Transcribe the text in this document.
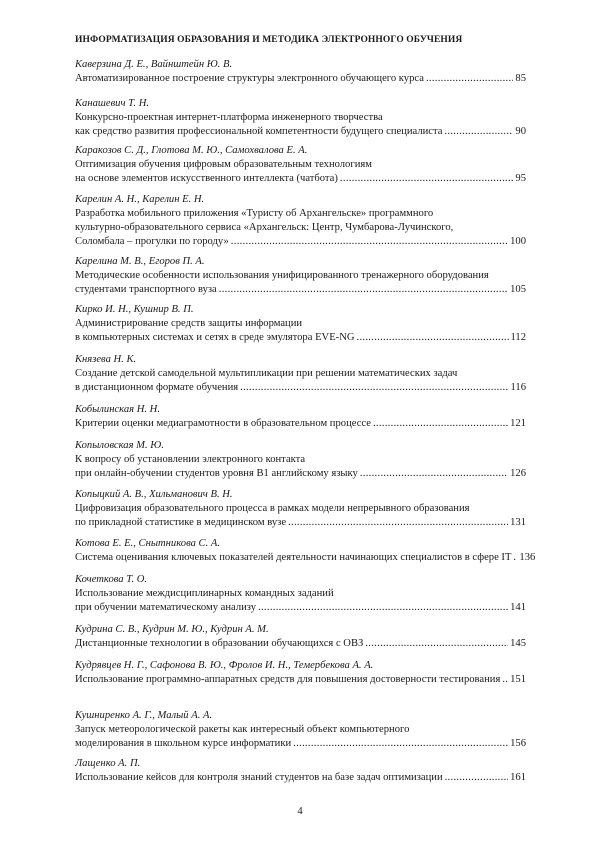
ИНФОРМАТИЗАЦИЯ ОБРАЗОВАНИЯ И МЕТОДИКА ЭЛЕКТРОННОГО ОБУЧЕНИЯ
Каверзина Д. Е., Вайнштейн Ю. В.
Автоматизированное построение структуры электронного обучающего курса .....	85
Канашевич Т. Н.
Конкурсно-проектная интернет-платформа инженерного творчества
как средство развития профессиональной компетентности будущего специалиста .....	90
Каракозов С. Д., Глотова М. Ю., Самохвалова Е. А.
Оптимизация обучения цифровым образовательным технологиям
на основе элементов искусственного интеллекта (чатбота) .....	95
Карелин А. Н., Карелин Е. Н.
Разработка мобильного приложения «Туристу об Архангельске» программного
культурно-образовательного сервиса «Архангельск: Центр, Чумбарова-Лучинского,
Соломбала – прогулки по городу» .....	100
Карелина М. В., Егоров П. А.
Методические особенности использования унифицированного тренажерного оборудования
студентами транспортного вуза .....	105
Кирко И. Н., Кушнир В. П.
Администрирование средств защиты информации
в компьютерных системах и сетях в среде эмулятора EVE-NG .....	112
Князева Н. К.
Создание детской самодельной мультипликации при решении математических задач
в дистанционном формате обучения .....	116
Кобылинская Н. Н.
Критерии оценки медиаграмотности в образовательном процессе .....	121
Копыловская М. Ю.
К вопросу об установлении электронного контакта
при онлайн-обучении студентов уровня B1 английскому языку .....	126
Копыцкий А. В., Хильманович В. Н.
Цифровизация образовательного процесса в рамках модели непрерывного образования
по прикладной статистике в медицинском вузе .....	131
Котова Е. Е., Снытникова С. А.
Система оценивания ключевых показателей деятельности начинающих специалистов в сфере IT ..... 136
Кочеткова Т. О.
Использование междисциплинарных командных заданий
при обучении математическому анализу .....	141
Кудрина С. В., Кудрин М. Ю., Кудрин А. М.
Дистанционные технологии в образовании обучающихся с ОВЗ .....	145
Кудрявцев Н. Г., Сафонова В. Ю., Фролов И. Н., Темербекова А. А.
Использование программно-аппаратных средств для повышения достоверности тестирования ..... 151
Кушниренко А. Г., Малый А. А.
Запуск метеорологической ракеты как интересный объект компьютерного
моделирования в школьном курсе информатики .....	156
Лащенко А. П.
Использование кейсов для контроля знаний студентов на базе задач оптимизации .....	161
4
